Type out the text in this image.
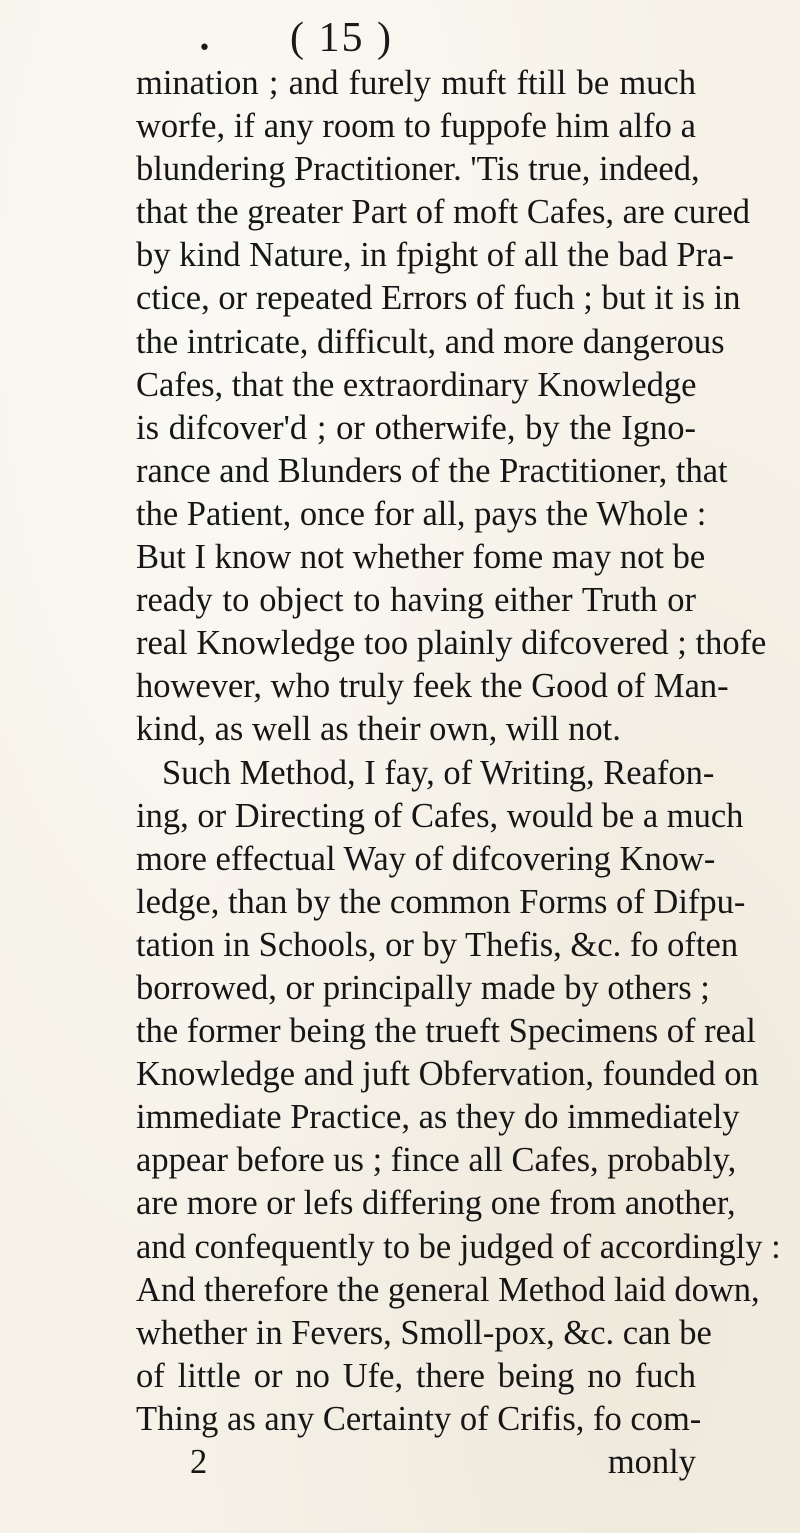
• ( 15 )
mination ; and furely muft ftill be much
worfe, if any room to fuppofe him alfo a
blundering Practitioner. 'Tis true, indeed,
that the greater Part of moft Cafes, are cured
by kind Nature, in fpight of all the bad Pra-
ctice, or repeated Errors of fuch ; but it is in
the intricate, difficult, and more dangerous
Cafes, that the extraordinary Knowledge
is difcover'd ; or otherwife, by the Igno-
rance and Blunders of the Practitioner, that
the Patient, once for all, pays the Whole :
But I know not whether fome may not be
ready to object to having either Truth or
real Knowledge too plainly difcovered ; thofe
however, who truly feek the Good of Man-
kind, as well as their own, will not.
Such Method, I fay, of Writing, Reafon-
ing, or Directing of Cafes, would be a much
more effectual Way of difcovering Know-
ledge, than by the common Forms of Difpu-
tation in Schools, or by Thefis, &c. fo often
borrowed, or principally made by others ;
the former being the trueft Specimens of real
Knowledge and juft Obfervation, founded on
immediate Practice, as they do immediately
appear before us ; fince all Cafes, probably,
are more or lefs differing one from another,
and confequently to be judged of accordingly :
And therefore the general Method laid down,
whether in Fevers, Smoll-pox, &c. can be
of little or no Ufe, there being no fuch
Thing as any Certainty of Crifis, fo com-
2	monly
